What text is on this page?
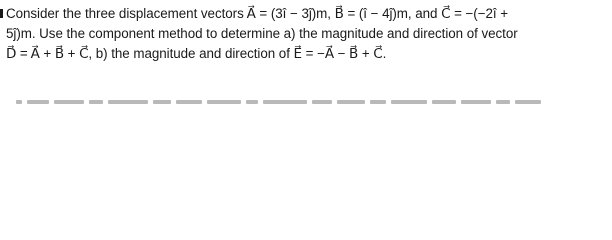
Consider the three displacement vectors A⃗ = (3î − 3ĵ)m, B⃗ = (î − 4ĵ)m, and C⃗ = −(−2î +
5ĵ)m. Use the component method to determine a) the magnitude and direction of vector
D⃗ = A⃗ + B⃗ + C⃗, b) the magnitude and direction of E⃗ = −A⃗ − B⃗ + C⃗.
